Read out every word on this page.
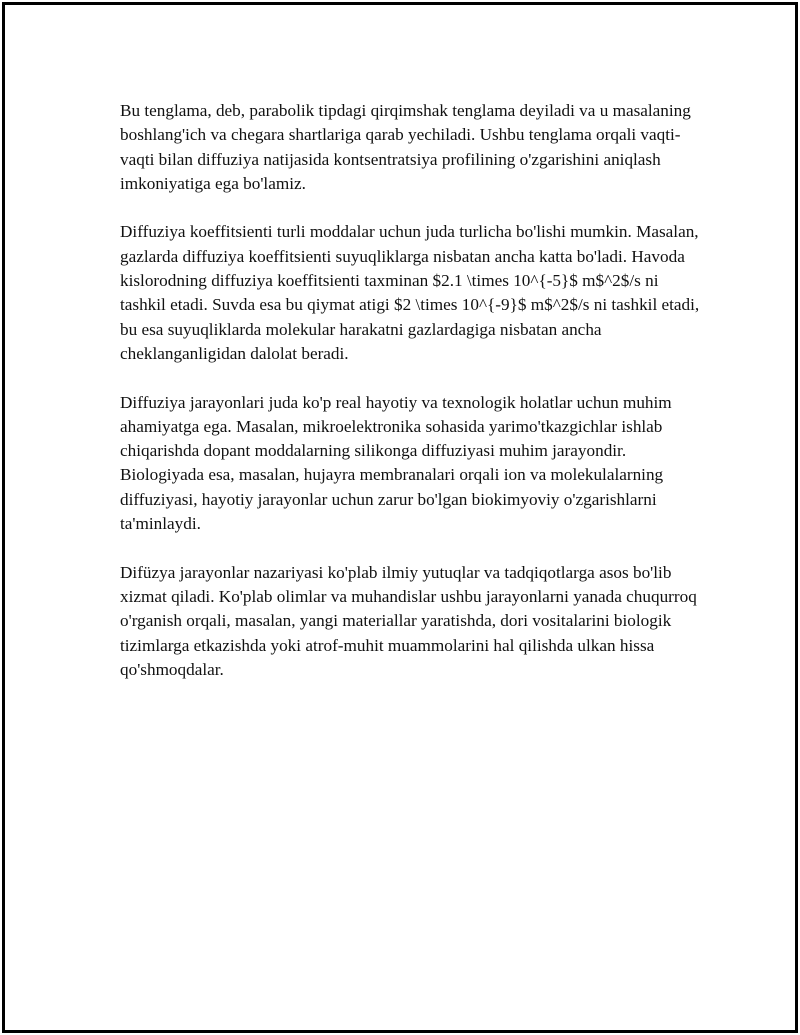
Bu tenglama, deb, parabolik tipdagi qirqimshak tenglama deyiladi va u masalaning boshlang'ich va chegara shartlariga qarab yechiladi. Ushbu tenglama orqali vaqti-vaqti bilan diffuziya natijasida kontsentratsiya profilining o'zgarishini aniqlash imkoniyatiga ega bo'lamiz.

Diffuziya koeffitsienti turli moddalar uchun juda turlicha bo'lishi mumkin. Masalan, gazlarda diffuziya koeffitsienti suyuqliklarga nisbatan ancha katta bo'ladi. Havoda kislorodning diffuziya koeffitsienti taxminan $2.1 \times 10^{-5}$ m$^2$/s ni tashkil etadi. Suvda esa bu qiymat atigi $2 \times 10^{-9}$ m$^2$/s ni tashkil etadi, bu esa suyuqliklarda molekular harakatni gazlardagiga nisbatan ancha cheklanganligidan dalolat beradi.

Diffuziya jarayonlari juda ko'p real hayotiy va texnologik holatlar uchun muhim ahamiyatga ega. Masalan, mikroelektronika sohasida yarimo'tkazgichlar ishlab chiqarishda dopant moddalarning silikonga diffuziyasi muhim jarayondir. Biologiyada esa, masalan, hujayra membranalari orqali ion va molekulalarning diffuziyasi, hayotiy jarayonlar uchun zarur bo'lgan biokimyoviy o'zgarishlarni ta'minlaydi.

Difüzya jarayonlar nazariyasi ko'plab ilmiy yutuqlar va tadqiqotlarga asos bo'lib xizmat qiladi. Ko'plab olimlar va muhandislar ushbu jarayonlarni yanada chuqurroq o'rganish orqali, masalan, yangi materiallar yaratishda, dori vositalarini biologik tizimlarga etkazishda yoki atrof-muhit muammolarini hal qilishda ulkan hissa qo'shmoqdalar.
